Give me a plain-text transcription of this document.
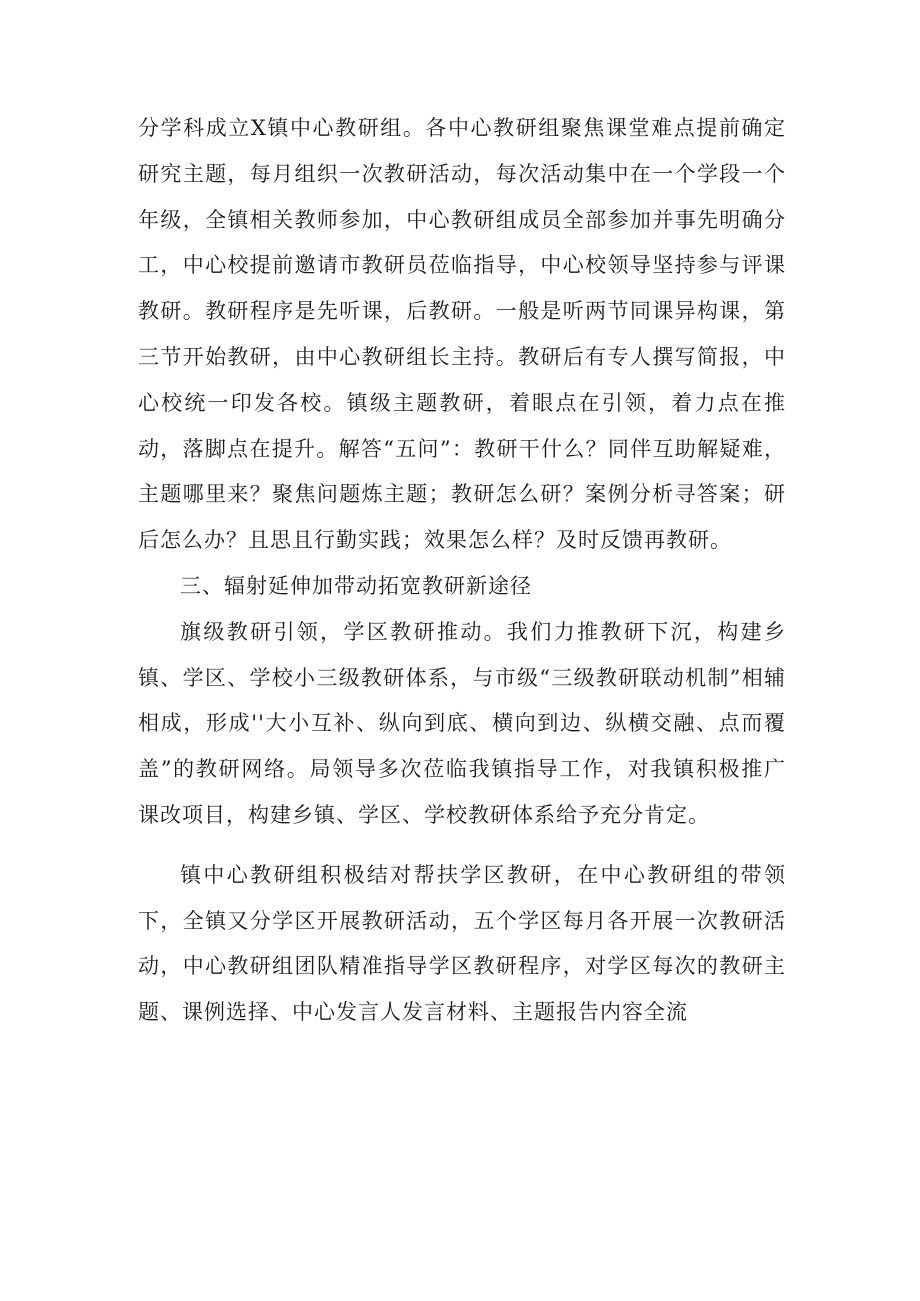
分学科成立X镇中心教研组。各中心教研组聚焦课堂难点提前确定研究主题，每月组织一次教研活动，每次活动集中在一个学段一个年级，全镇相关教师参加，中心教研组成员全部参加并事先明确分工，中心校提前邀请市教研员莅临指导，中心校领导坚持参与评课教研。教研程序是先听课，后教研。一般是听两节同课异构课，第三节开始教研，由中心教研组长主持。教研后有专人撰写简报，中心校统一印发各校。镇级主题教研，着眼点在引领，着力点在推动，落脚点在提升。解答“五问”：教研干什么？同伴互助解疑难，主题哪里来？聚焦问题炼主题；教研怎么研？案例分析寻答案；研后怎么办？且思且行勤实践；效果怎么样？及时反馈再教研。

三、辐射延伸加带动拓宽教研新途径

旗级教研引领，学区教研推动。我们力推教研下沉，构建乡镇、学区、学校小三级教研体系，与市级“三级教研联动机制”相辅相成，形成''大小互补、纵向到底、横向到边、纵横交融、点而覆盖”的教研网络。局领导多次莅临我镇指导工作，对我镇积极推广课改项目，构建乡镇、学区、学校教研体系给予充分肯定。

镇中心教研组积极结对帮扶学区教研，在中心教研组的带领下，全镇又分学区开展教研活动，五个学区每月各开展一次教研活动，中心教研组团队精准指导学区教研程序，对学区每次的教研主题、课例选择、中心发言人发言材料、主题报告内容全流
